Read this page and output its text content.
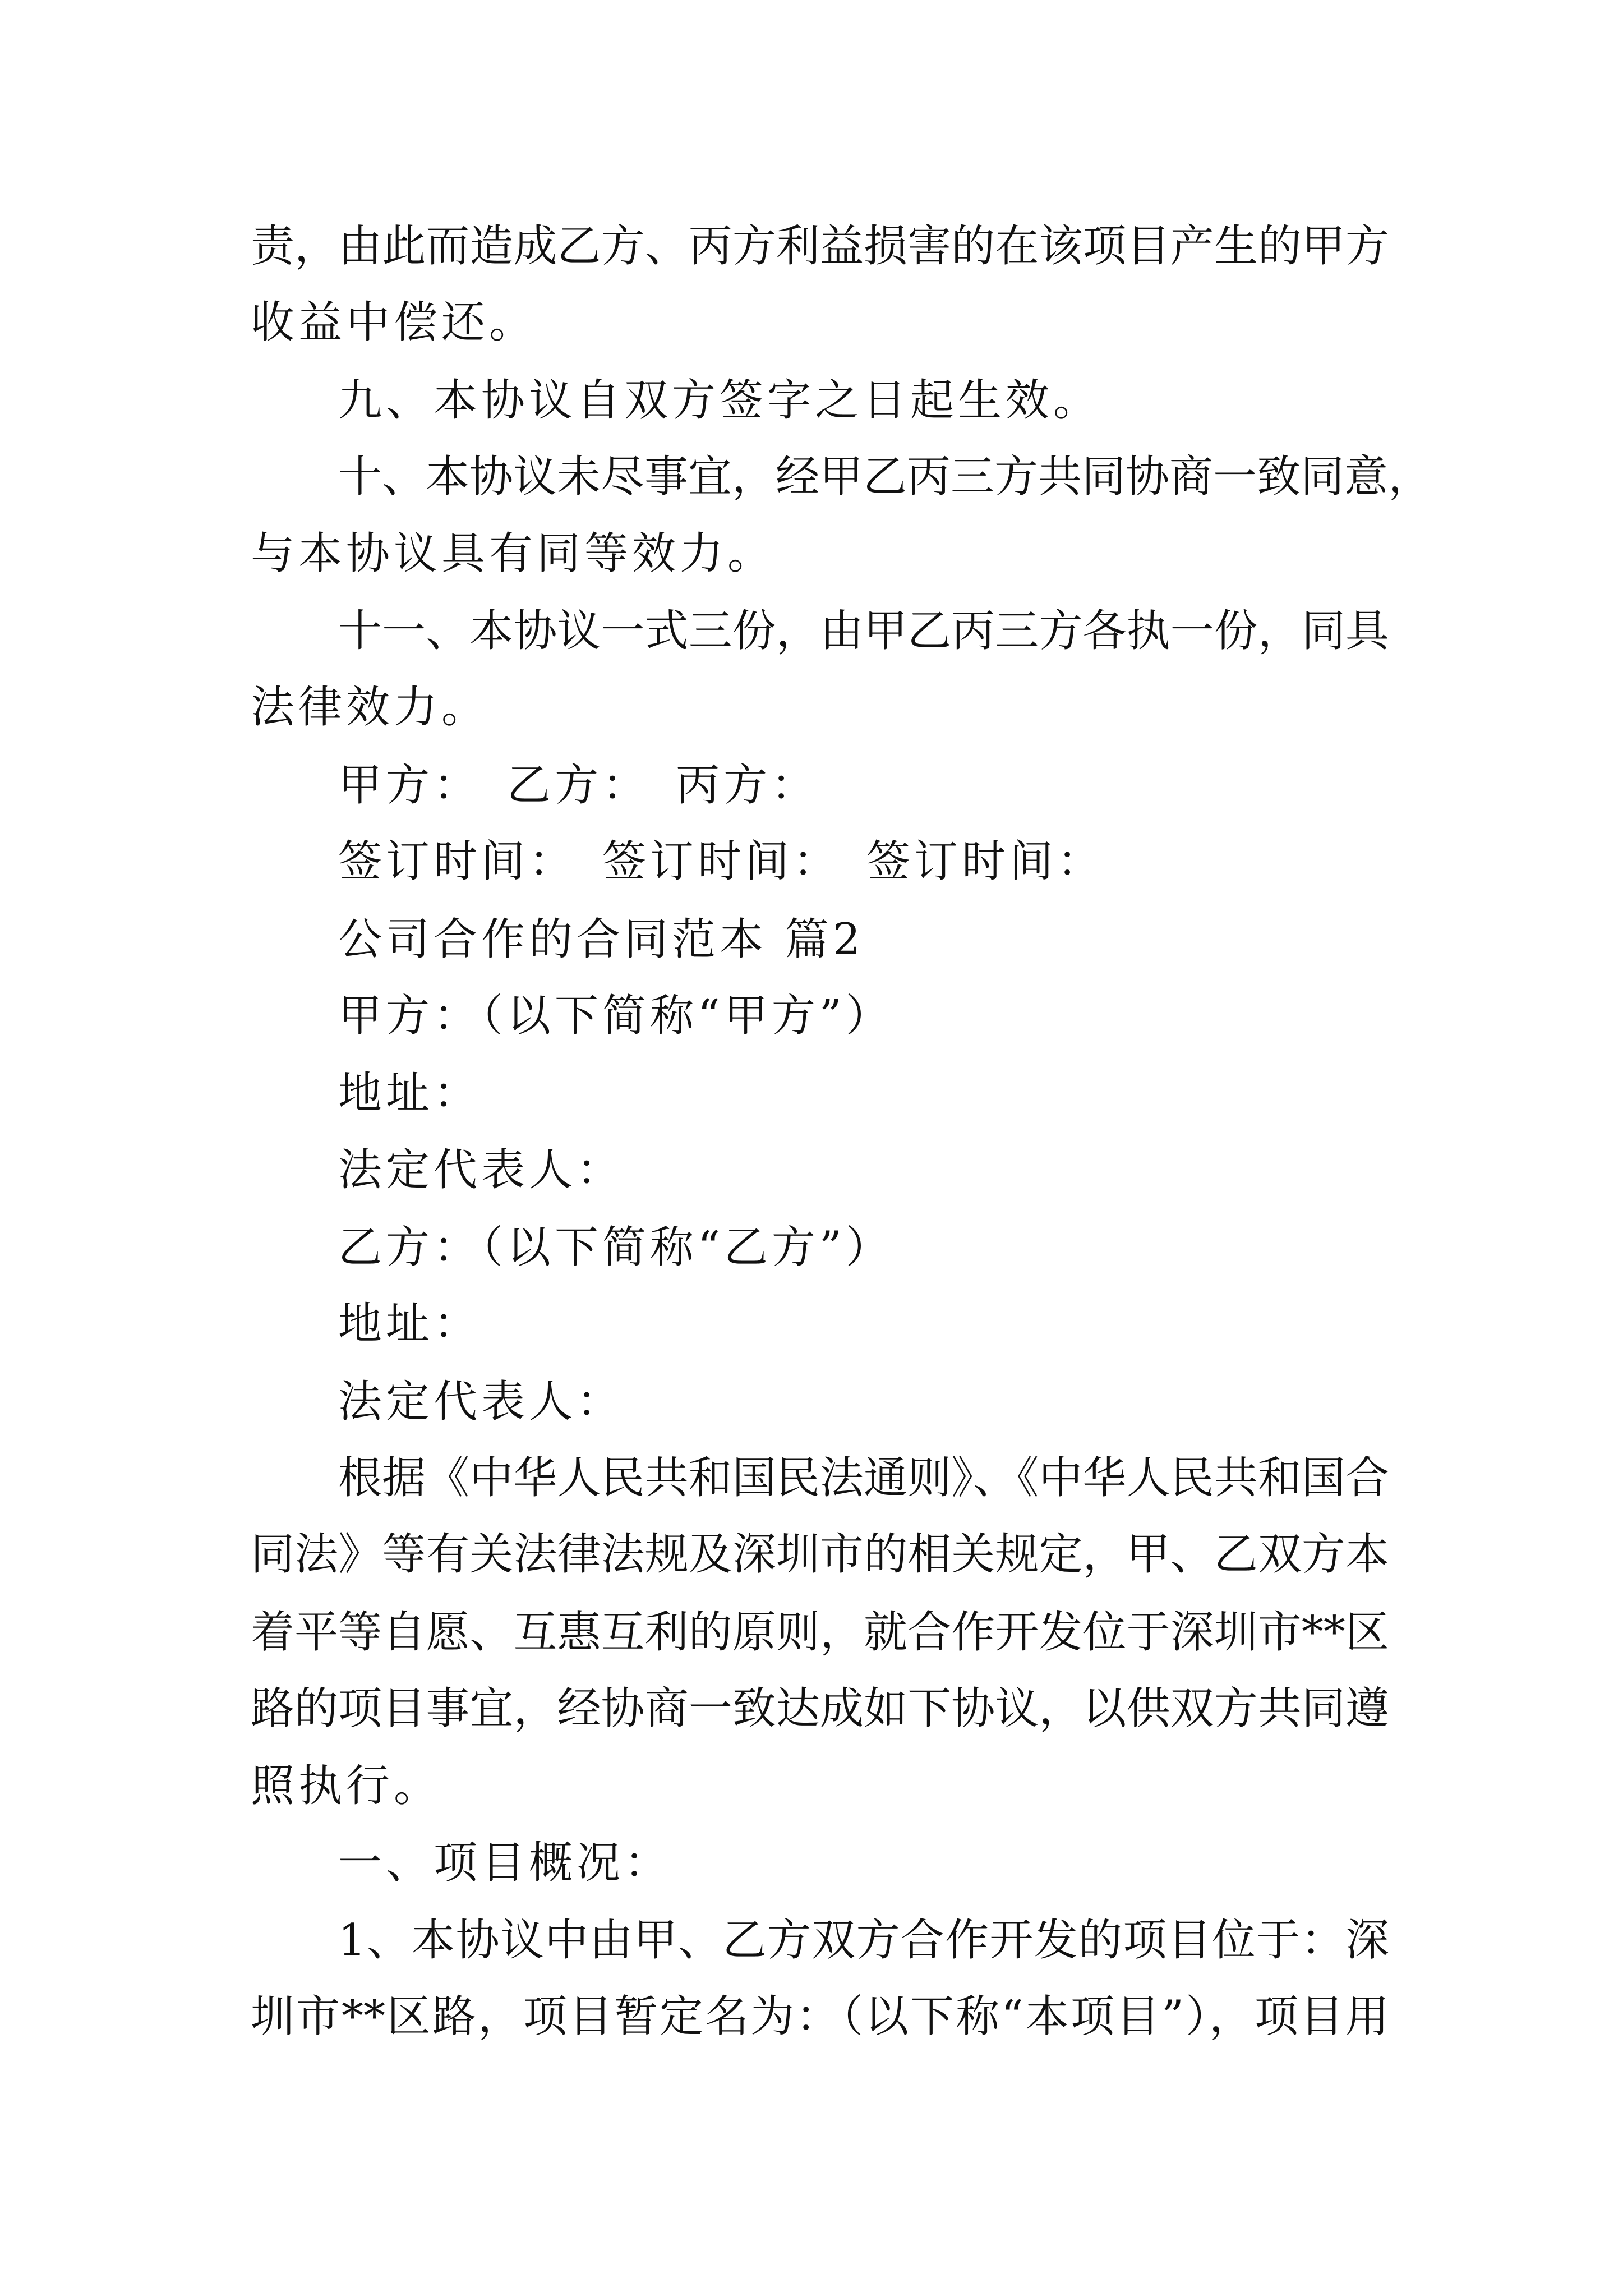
责，由此而造成乙方、丙方利益损害的在该项目产生的甲方
收益中偿还。
九、本协议自双方签字之日起生效。
十、本协议未尽事宜，经甲乙丙三方共同协商一致同意，
与本协议具有同等效力。
十一、本协议一式三份，由甲乙丙三方各执一份，同具
法律效力。
甲方：　乙方：　丙方：
签订时间：　签订时间：　签订时间：
公司合作的合同范本 篇2
甲方：（以下简称“甲方”）
地址：
法定代表人：
乙方：（以下简称“乙方”）
地址：
法定代表人：
根据《中华人民共和国民法通则》、《中华人民共和国合
同法》等有关法律法规及深圳市的相关规定，甲、乙双方本
着平等自愿、互惠互利的原则，就合作开发位于深圳市**区
路的项目事宜，经协商一致达成如下协议，以供双方共同遵
照执行。
一、项目概况：
1、本协议中由甲、乙方双方合作开发的项目位于：深
圳市**区路，项目暂定名为：（以下称“本项目”），项目用
